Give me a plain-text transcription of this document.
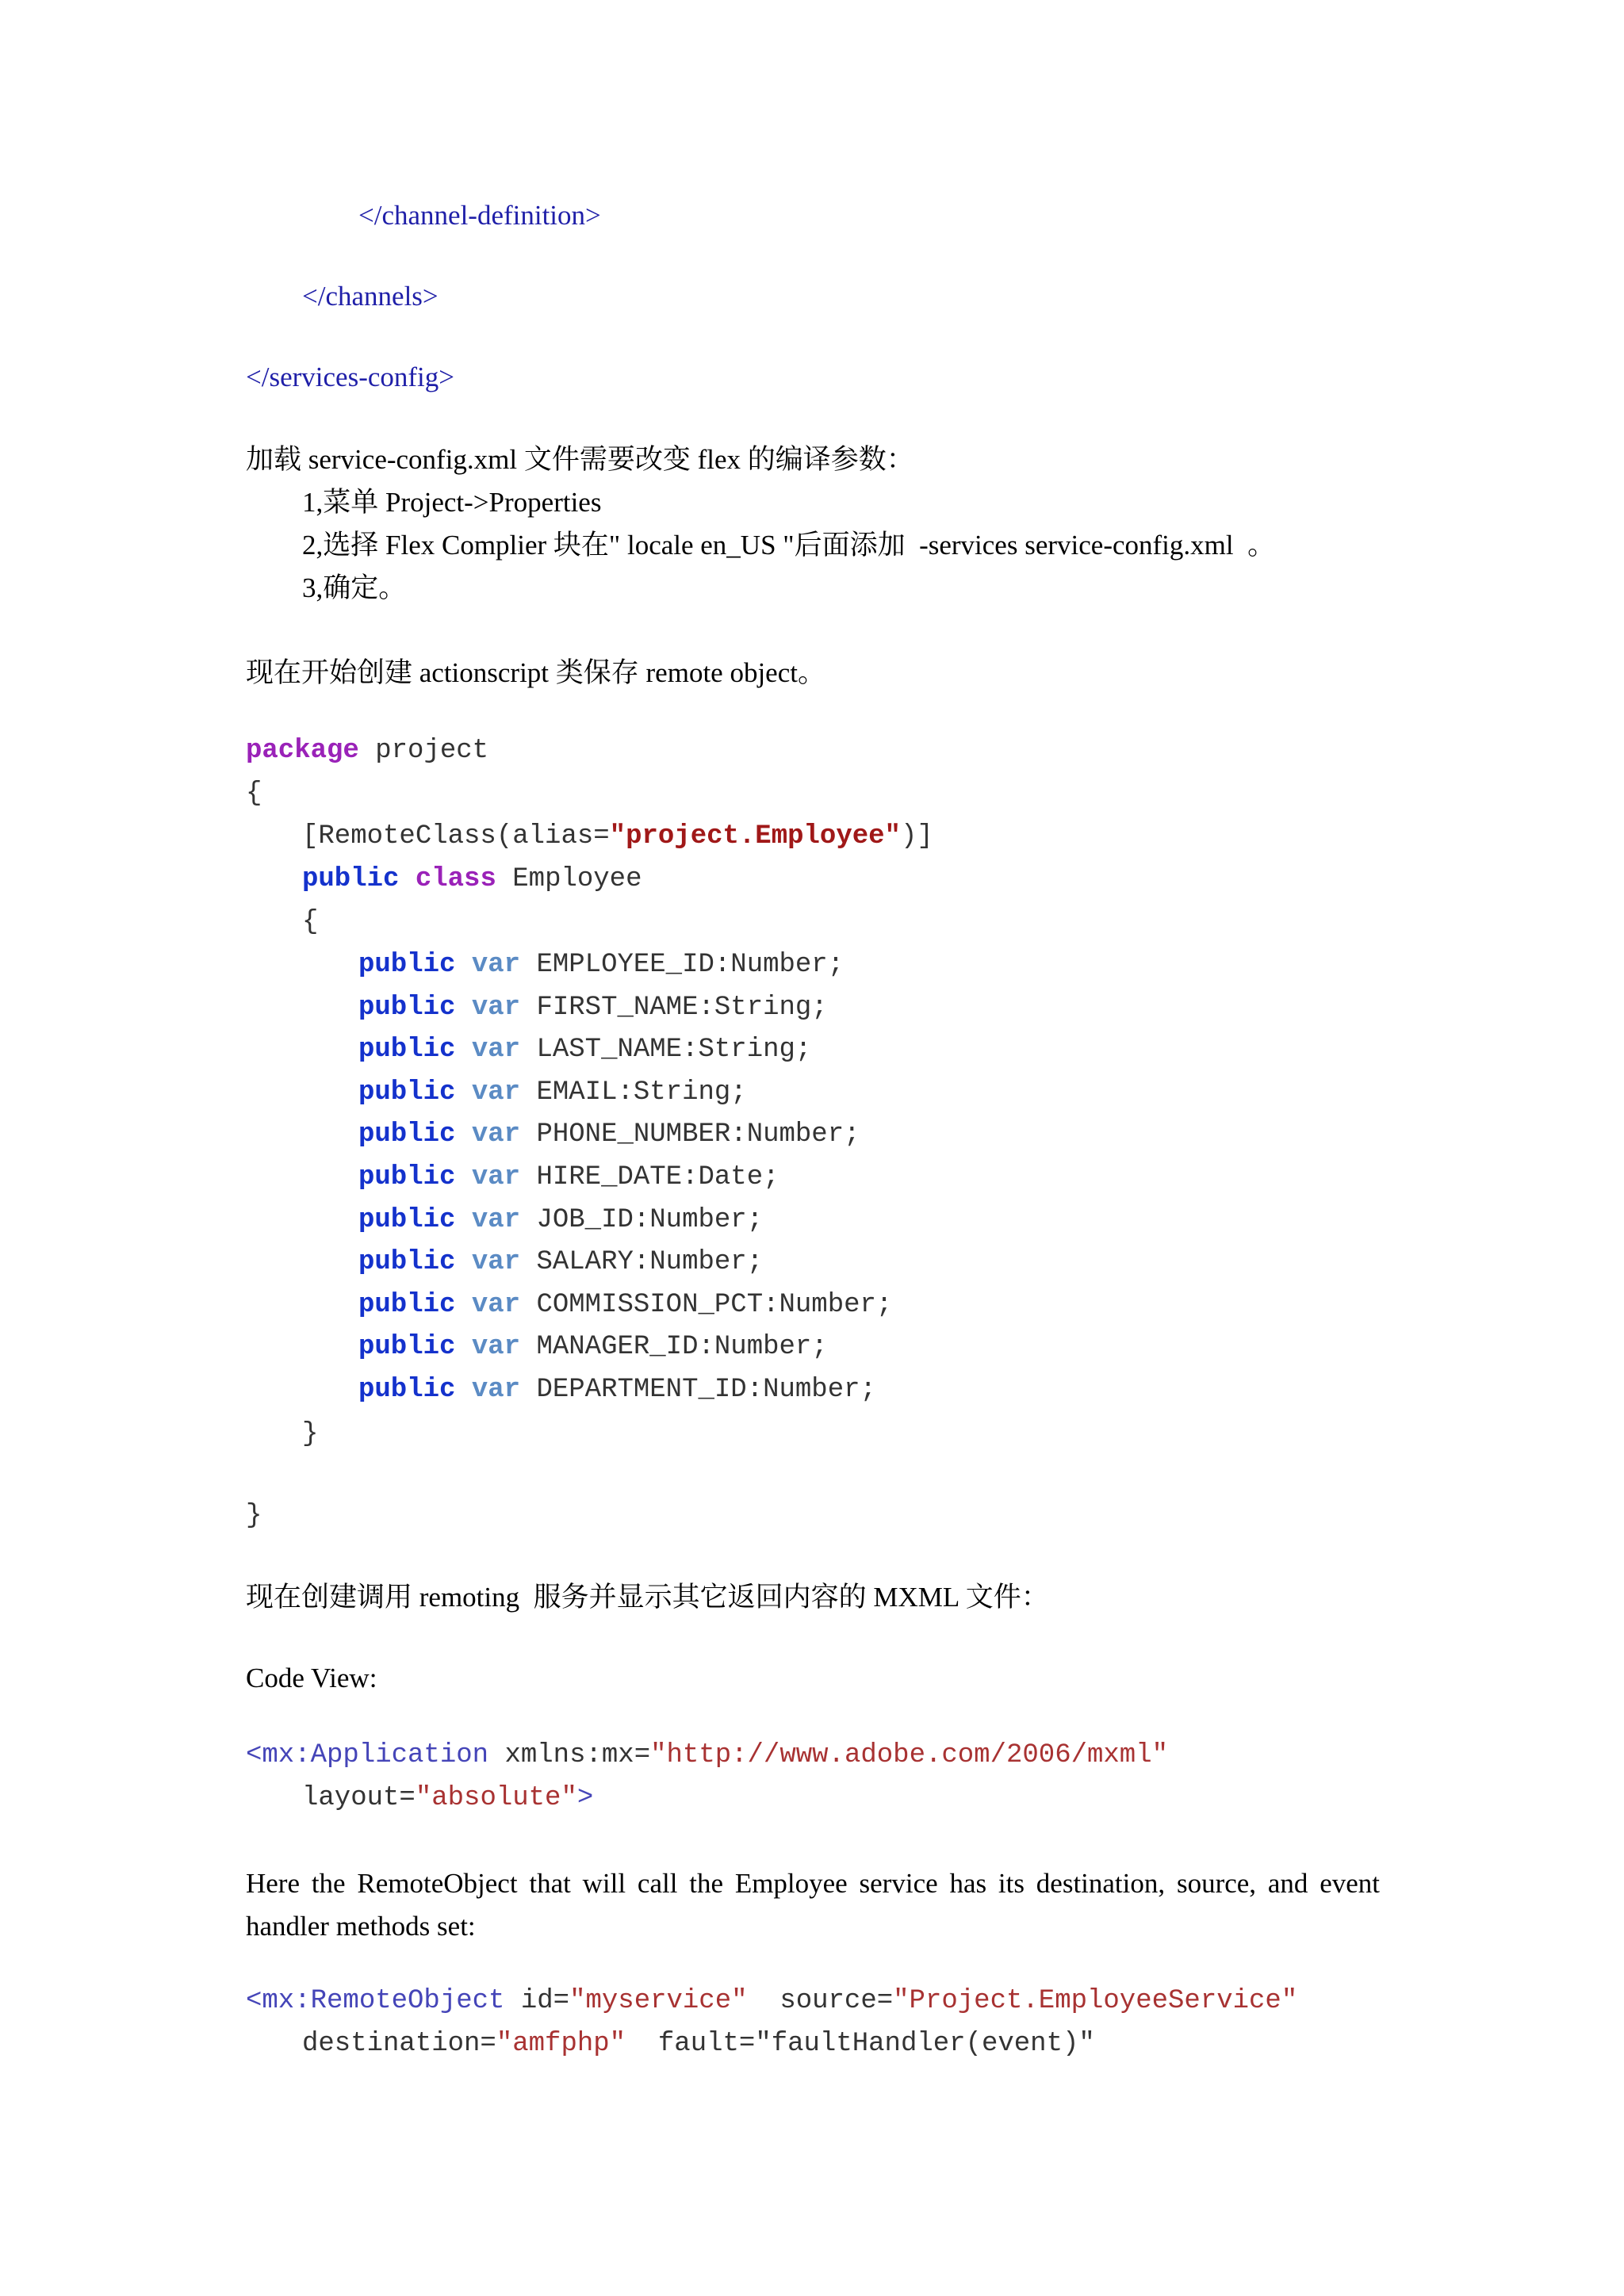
</channel-definition>
</channels>
</services-config>
加载 service-config.xml 文件需要改变 flex 的编译参数：
1,菜单 Project->Properties
2,选择 Flex Complier 块在" locale en_US "后面添加  -services service-config.xml  。
3,确定。
现在开始创建 actionscript 类保存 remote object。
package project
{
[RemoteClass(alias="project.Employee")]
public class Employee
{
public var EMPLOYEE_ID:Number;
public var FIRST_NAME:String;
public var LAST_NAME:String;
public var EMAIL:String;
public var PHONE_NUMBER:Number;
public var HIRE_DATE:Date;
public var JOB_ID:Number;
public var SALARY:Number;
public var COMMISSION_PCT:Number;
public var MANAGER_ID:Number;
public var DEPARTMENT_ID:Number;
}
}
现在创建调用 remoting  服务并显示其它返回内容的 MXML 文件：
Code View:
<mx:Application xmlns:mx="http://www.adobe.com/2006/mxml"
layout="absolute">
Here the RemoteObject that will call the Employee service has its destination, source, and event handler methods set:
<mx:RemoteObject id="myservice"  source="Project.EmployeeService"
destination="amfphp"  fault="faultHandler(event)"
